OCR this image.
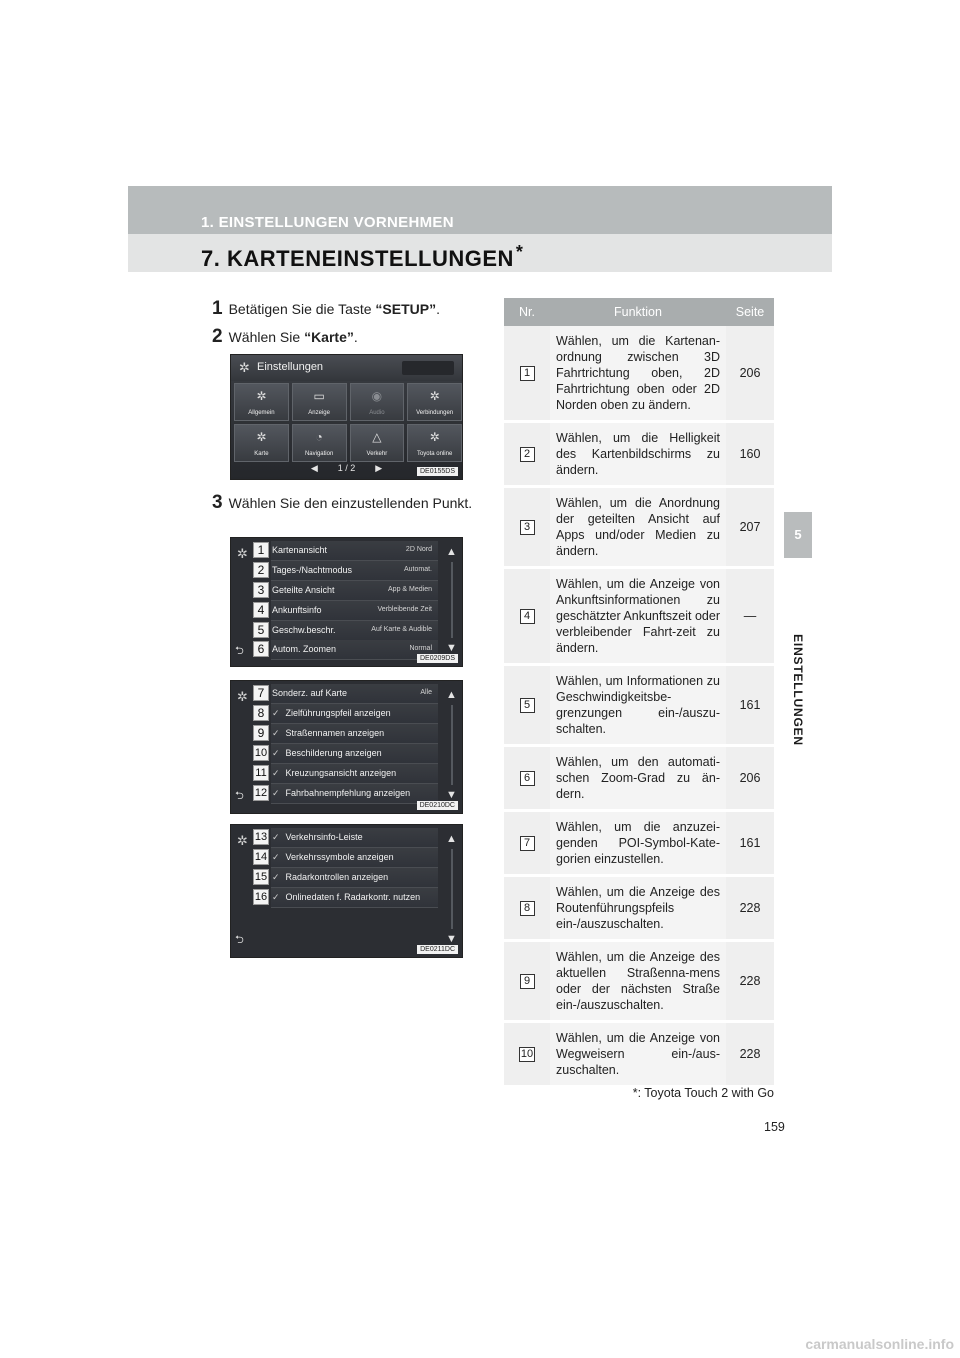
1. EINSTELLUNGEN VORNEHMEN
7. KARTENEINSTELLUNGEN *
5
EINSTELLUNGEN
1 Betätigen Sie die Taste “SETUP”.
2 Wählen Sie “Karte”.
3 Wählen Sie den einzustellenden Punkt.
✲ Einstellungen
✲
Allgemein
▭
Anzeige
◉
Audio
✲
Verbindungen
✲
Karte
◔
Navigation
△
Verkehr
✲
Toyota online
◀ 1 / 2 ▶	DE0155DS
✲
⮌
Kartenansicht	2D Nord
Tages-/Nachtmodus	Automat.
Geteilte Ansicht	App & Medien
Ankunftsinfo	Verbleibende Zeit
Geschw.beschr.	Auf Karte & Audible
Autom. Zoomen	Normal
1
2
3
4
5
6
▲
▼
DE0209DS
✲
⮌
Sonderz. auf Karte	Alle
✓ Zielführungspfeil anzeigen
✓ Straßennamen anzeigen
✓ Beschilderung anzeigen
✓ Kreuzungsansicht anzeigen
✓ Fahrbahnempfehlung anzeigen
7
8
9
10
11
12
▲
▼
DE0210DC
✲
⮌
✓ Verkehrsinfo-Leiste
✓ Verkehrssymbole anzeigen
✓ Radarkontrollen anzeigen
✓ Onlinedaten f. Radarkontr. nutzen
13
14
15
16
▲
▼
DE0211DC
Nr.	Funktion	Seite
1	Wählen, um die Kartenan-ordnung zwischen 3D Fahrtrichtung oben, 2D Fahrtrichtung oben oder 2D Norden oben zu ändern.	206
2	Wählen, um die Helligkeit des Kartenbildschirms zu ändern.	160
3	Wählen, um die Anordnung der geteilten Ansicht auf Apps und/oder Medien zu ändern.	207
4	Wählen, um die Anzeige von Ankunftsinformationen zu geschätzter Ankunftszeit oder verbleibender Fahrt-zeit zu ändern.	—
5	Wählen, um Informationen zu Geschwindigkeitsbe-grenzungen ein-/auszu-schalten.	161
6	Wählen, um den automati-schen Zoom-Grad zu än-dern.	206
7	Wählen, um die anzuzei-genden POI-Symbol-Kate-gorien einzustellen.	161
8	Wählen, um die Anzeige des Routenführungspfeils ein-/auszuschalten.	228
9	Wählen, um die Anzeige des aktuellen Straßenna-mens oder der nächsten Straße ein-/auszuschalten.	228
10	Wählen, um die Anzeige von Wegweisern ein-/aus-zuschalten.	228
*: Toyota Touch 2 with Go
159
carmanualsonline.info
